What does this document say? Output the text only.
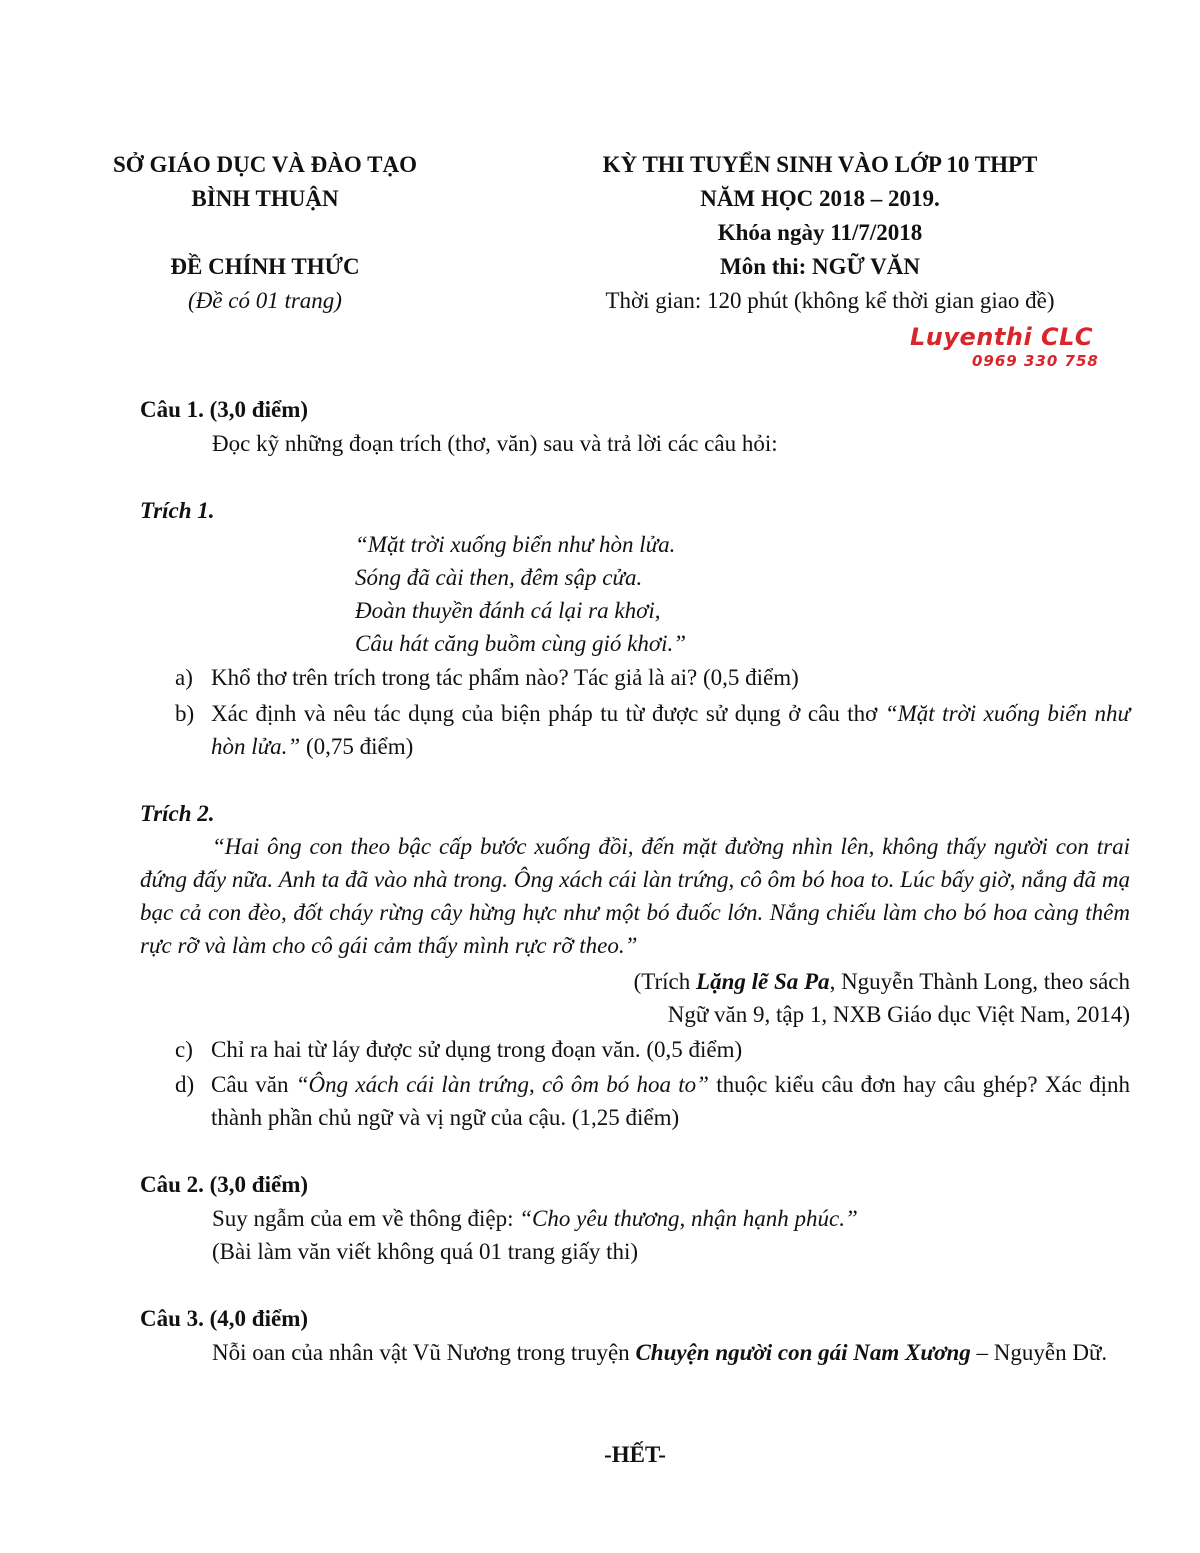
SỞ GIÁO DỤC VÀ ĐÀO TẠO
BÌNH THUẬN
ĐỀ CHÍNH THỨC
(Đề có 01 trang)
KỲ THI TUYỂN SINH VÀO LỚP 10 THPT
NĂM HỌC 2018 – 2019.
Khóa ngày 11/7/2018
Môn thi: NGỮ VĂN
Thời gian: 120 phút (không kể thời gian giao đề)
Luyenthi CLC
0969 330 758
Câu 1. (3,0 điểm)
Đọc kỹ những đoạn trích (thơ, văn) sau và trả lời các câu hỏi:
Trích 1.
“Mặt trời xuống biển như hòn lửa.
Sóng đã cài then, đêm sập cửa.
Đoàn thuyền đánh cá lại ra khơi,
Câu hát căng buồm cùng gió khơi.”
a) Khổ thơ trên trích trong tác phẩm nào? Tác giả là ai? (0,5 điểm)
b) Xác định và nêu tác dụng của biện pháp tu từ được sử dụng ở câu thơ “Mặt trời xuống biển như hòn lửa.” (0,75 điểm)
Trích 2.
“Hai ông con theo bậc cấp bước xuống đồi, đến mặt đường nhìn lên, không thấy người con trai đứng đấy nữa. Anh ta đã vào nhà trong. Ông xách cái làn trứng, cô ôm bó hoa to. Lúc bấy giờ, nắng đã mạ bạc cả con đèo, đốt cháy rừng cây hừng hực như một bó đuốc lớn. Nắng chiếu làm cho bó hoa càng thêm rực rỡ và làm cho cô gái cảm thấy mình rực rỡ theo.”
(Trích Lặng lẽ Sa Pa, Nguyễn Thành Long, theo sách
Ngữ văn 9, tập 1, NXB Giáo dục Việt Nam, 2014)
c) Chỉ ra hai từ láy được sử dụng trong đoạn văn. (0,5 điểm)
d) Câu văn “Ông xách cái làn trứng, cô ôm bó hoa to” thuộc kiểu câu đơn hay câu ghép? Xác định thành phần chủ ngữ và vị ngữ của cậu. (1,25 điểm)
Câu 2. (3,0 điểm)
Suy ngẫm của em về thông điệp: “Cho yêu thương, nhận hạnh phúc.”
(Bài làm văn viết không quá 01 trang giấy thi)
Câu 3. (4,0 điểm)
Nỗi oan của nhân vật Vũ Nương trong truyện Chuyện người con gái Nam Xương – Nguyễn Dữ.
-HẾT-
